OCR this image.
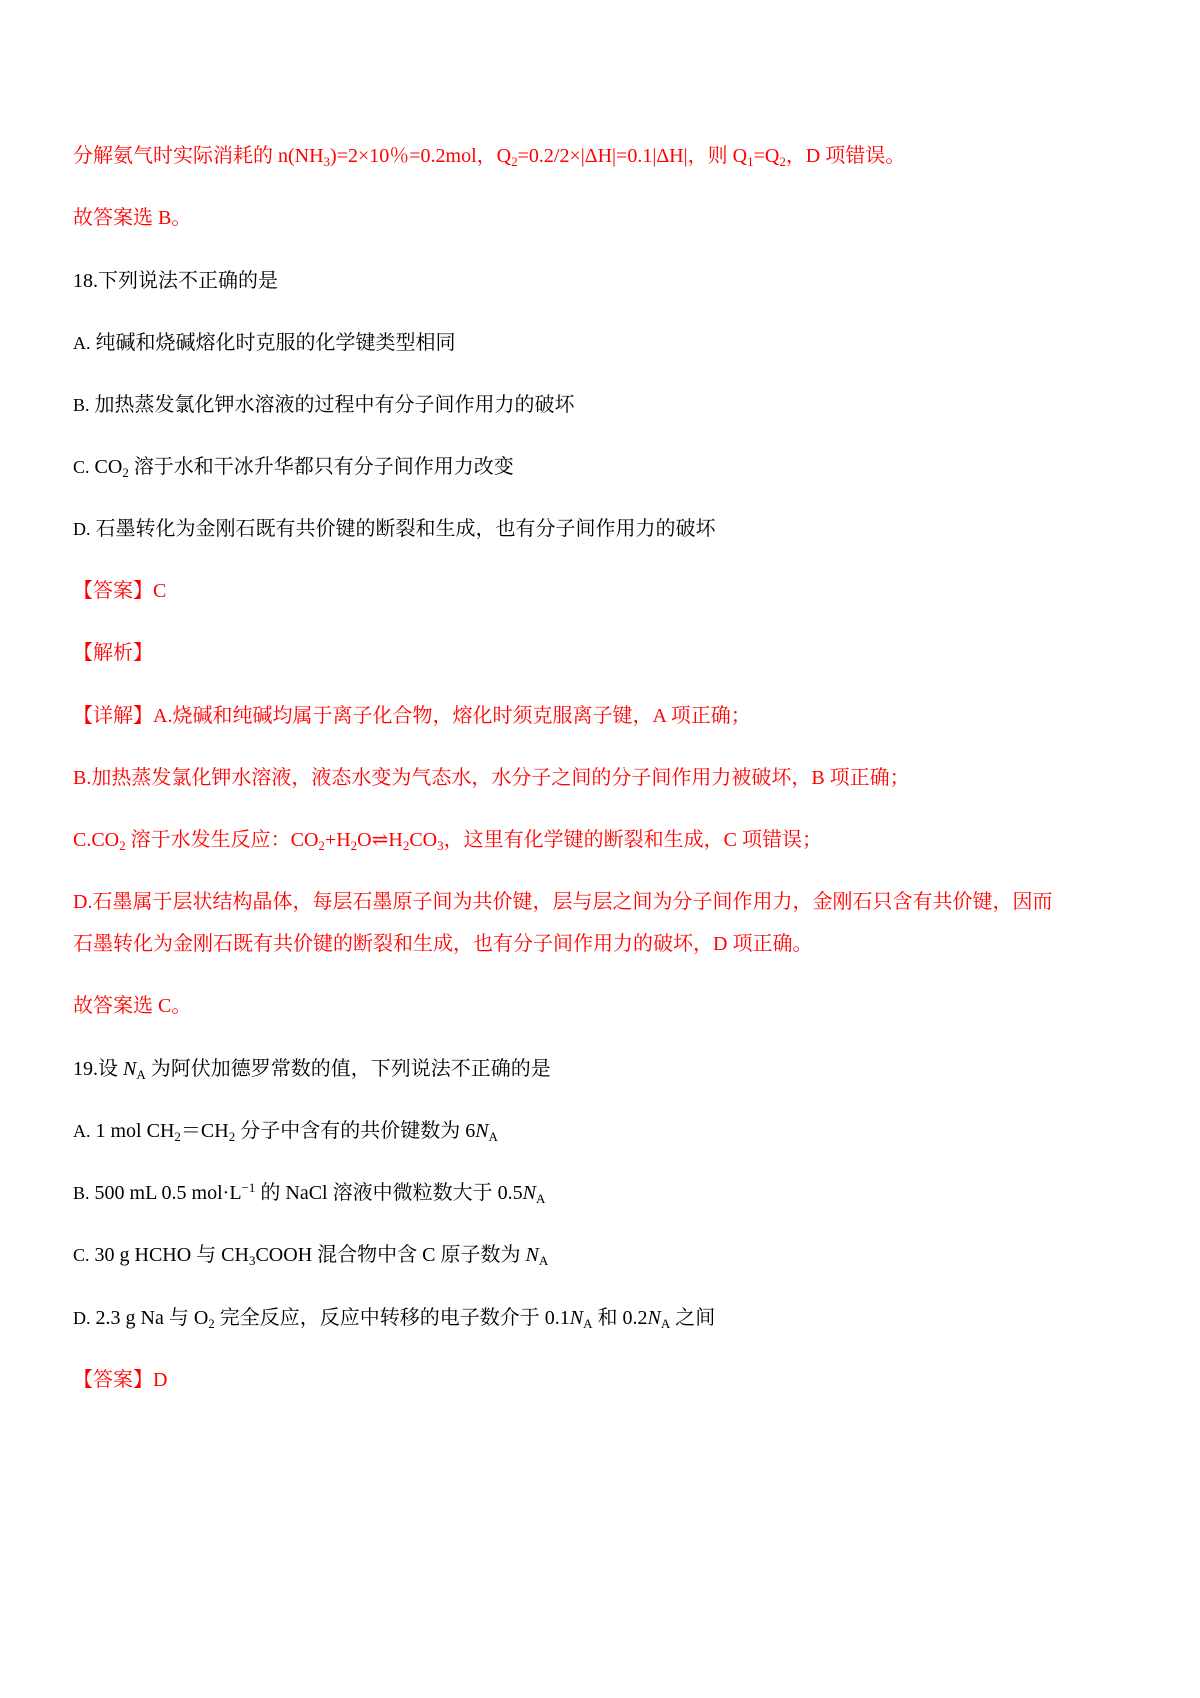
分解氨气时实际消耗的 $n(NH_3)=2\times 10$％=0.2mol，$Q_2=0.2/2\times|\Delta H|=0.1|\Delta H|$，则 $Q_1=Q_2$，D 项错误。
故答案选 B。
18.下列说法不正确的是
A. 纯碱和烧碱熔化时克服的化学键类型相同
B. 加热蒸发氯化钾水溶液的过程中有分子间作用力的破坏
C. $CO_2$ 溶于水和干冰升华都只有分子间作用力改变
D. 石墨转化为金刚石既有共价键的断裂和生成，也有分子间作用力的破坏
【答案】C
【解析】
【详解】A.烧碱和纯碱均属于离子化合物，熔化时须克服离子键，A 项正确；
B.加热蒸发氯化钾水溶液，液态水变为气态水，水分子之间的分子间作用力被破坏，B 项正确；
$C.CO_2$ 溶于水发生反应：$CO_2+H_2O\rightleftharpoons H_2CO_3$，这里有化学键的断裂和生成，C 项错误；
D.石墨属于层状结构晶体，每层石墨原子间为共价键，层与层之间为分子间作用力，金刚石只含有共价键，因而
石墨转化为金刚石既有共价键的断裂和生成，也有分子间作用力的破坏，D 项正确。
故答案选 C。
19.设 $N_A$ 为阿伏加德罗常数的值，下列说法不正确的是
A. 1 mol $CH_2=CH_2$ 分子中含有的共价键数为 $6N_A$
B. 500 mL 0.5 $mol\cdot L^{-1}$ 的 NaCl 溶液中微粒数大于 $0.5N_A$
C. 30 g HCHO 与 $CH_3COOH$ 混合物中含 C 原子数为 $N_A$
D. 2.3 g Na 与 $O_2$ 完全反应，反应中转移的电子数介于 $0.1N_A$ 和 $0.2N_A$ 之间
【答案】D
